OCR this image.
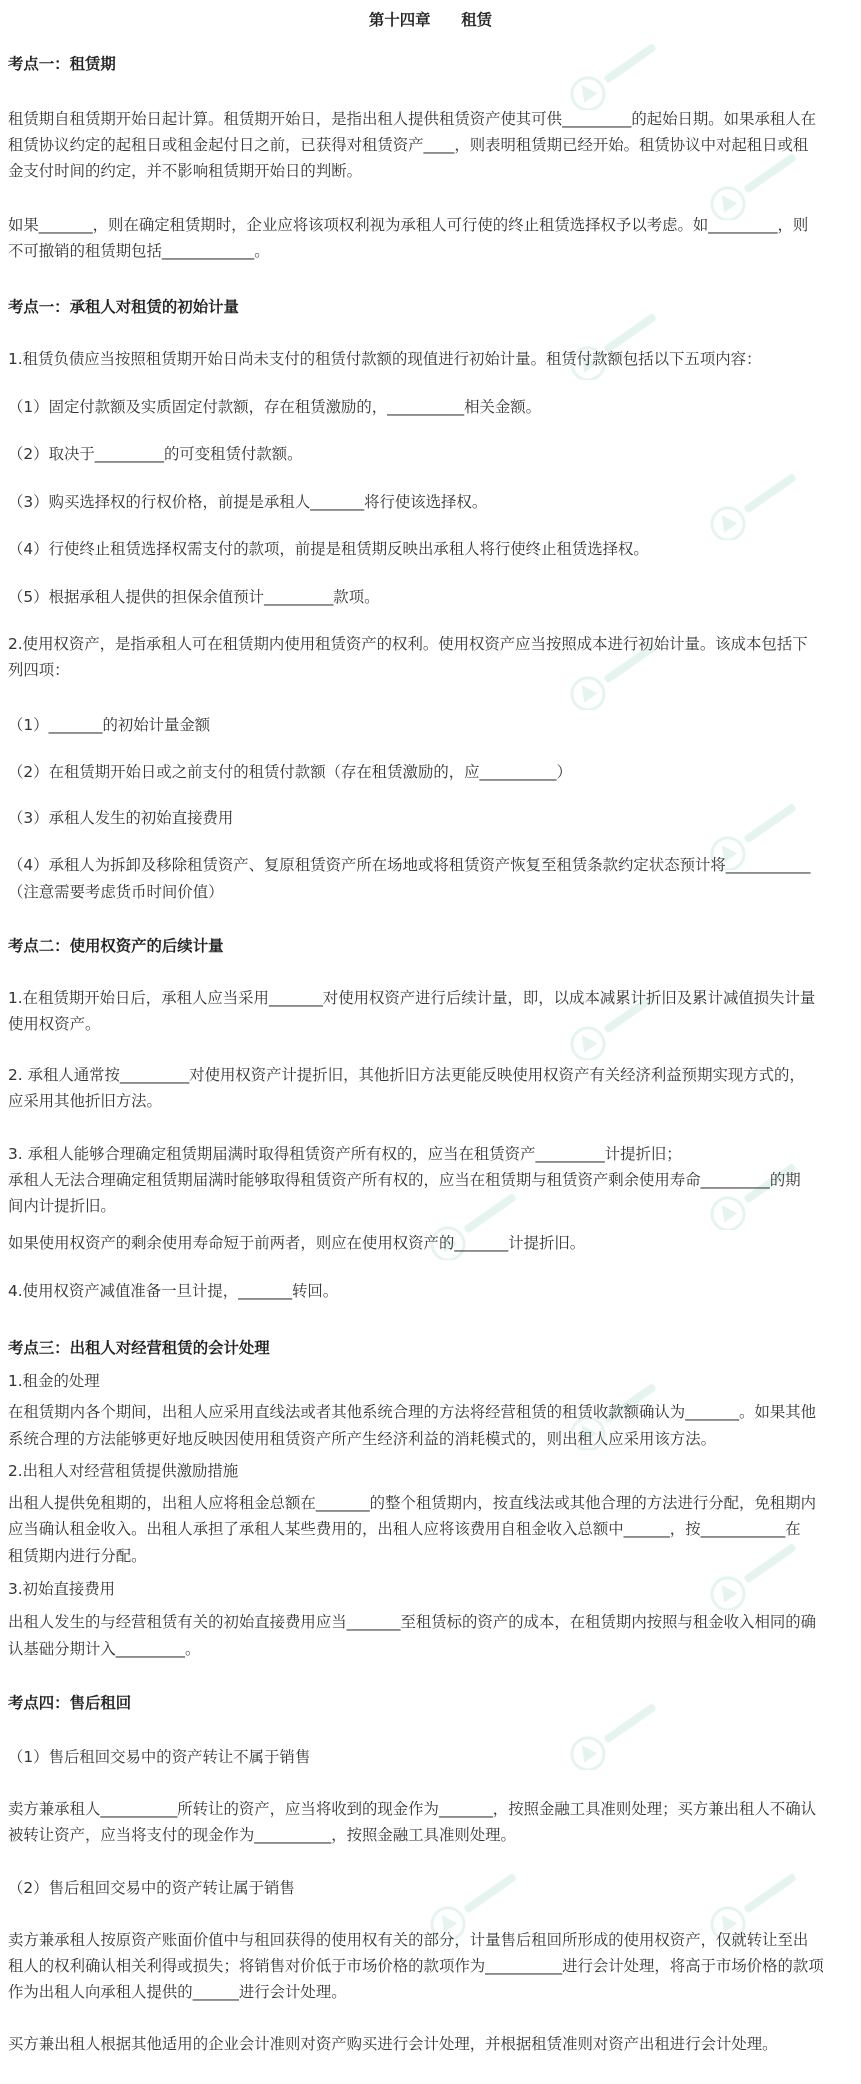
第十四章　　租赁
考点一：租赁期
租赁期自租赁期开始日起计算。租赁期开始日，是指出租人提供租赁资产使其可供_________的起始日期。如果承租人在
租赁协议约定的起租日或租金起付日之前，已获得对租赁资产____，则表明租赁期已经开始。租赁协议中对起租日或租
金支付时间的约定，并不影响租赁期开始日的判断。
如果_______，则在确定租赁期时，企业应将该项权利视为承租人可行使的终止租赁选择权予以考虑。如_________，则
不可撤销的租赁期包括____________。
考点一：承租人对租赁的初始计量
1.租赁负债应当按照租赁期开始日尚未支付的租赁付款额的现值进行初始计量。租赁付款额包括以下五项内容：
（1）固定付款额及实质固定付款额，存在租赁激励的，__________相关金额。
（2）取决于_________的可变租赁付款额。
（3）购买选择权的行权价格，前提是承租人_______将行使该选择权。
（4）行使终止租赁选择权需支付的款项，前提是租赁期反映出承租人将行使终止租赁选择权。
（5）根据承租人提供的担保余值预计_________款项。
2.使用权资产，是指承租人可在租赁期内使用租赁资产的权利。使用权资产应当按照成本进行初始计量。该成本包括下
列四项：
（1）_______的初始计量金额
（2）在租赁期开始日或之前支付的租赁付款额（存在租赁激励的，应__________）
（3）承租人发生的初始直接费用
（4）承租人为拆卸及移除租赁资产、复原租赁资产所在场地或将租赁资产恢复至租赁条款约定状态预计将___________
（注意需要考虑货币时间价值）
考点二：使用权资产的后续计量
1.在租赁期开始日后，承租人应当采用_______对使用权资产进行后续计量，即，以成本减累计折旧及累计减值损失计量
使用权资产。
2. 承租人通常按_________对使用权资产计提折旧，其他折旧方法更能反映使用权资产有关经济利益预期实现方式的，
应采用其他折旧方法。
3. 承租人能够合理确定租赁期届满时取得租赁资产所有权的，应当在租赁资产_________计提折旧；
承租人无法合理确定租赁期届满时能够取得租赁资产所有权的，应当在租赁期与租赁资产剩余使用寿命_________的期
间内计提折旧。
如果使用权资产的剩余使用寿命短于前两者，则应在使用权资产的_______计提折旧。
4.使用权资产减值准备一旦计提，_______转回。
考点三：出租人对经营租赁的会计处理
1.租金的处理
在租赁期内各个期间，出租人应采用直线法或者其他系统合理的方法将经营租赁的租赁收款额确认为_______。如果其他
系统合理的方法能够更好地反映因使用租赁资产所产生经济利益的消耗模式的，则出租人应采用该方法。
2.出租人对经营租赁提供激励措施
出租人提供免租期的，出租人应将租金总额在_______的整个租赁期内，按直线法或其他合理的方法进行分配，免租期内
应当确认租金收入。出租人承担了承租人某些费用的，出租人应将该费用自租金收入总额中______，按___________在
租赁期内进行分配。
3.初始直接费用
出租人发生的与经营租赁有关的初始直接费用应当_______至租赁标的资产的成本，在租赁期内按照与租金收入相同的确
认基础分期计入_________。
考点四：售后租回
（1）售后租回交易中的资产转让不属于销售
卖方兼承租人__________所转让的资产，应当将收到的现金作为_______，按照金融工具准则处理；买方兼出租人不确认
被转让资产，应当将支付的现金作为__________，按照金融工具准则处理。
（2）售后租回交易中的资产转让属于销售
卖方兼承租人按原资产账面价值中与租回获得的使用权有关的部分，计量售后租回所形成的使用权资产，仅就转让至出
租人的权利确认相关利得或损失；将销售对价低于市场价格的款项作为__________进行会计处理，将高于市场价格的款项
作为出租人向承租人提供的______进行会计处理。
买方兼出租人根据其他适用的企业会计准则对资产购买进行会计处理，并根据租赁准则对资产出租进行会计处理。
